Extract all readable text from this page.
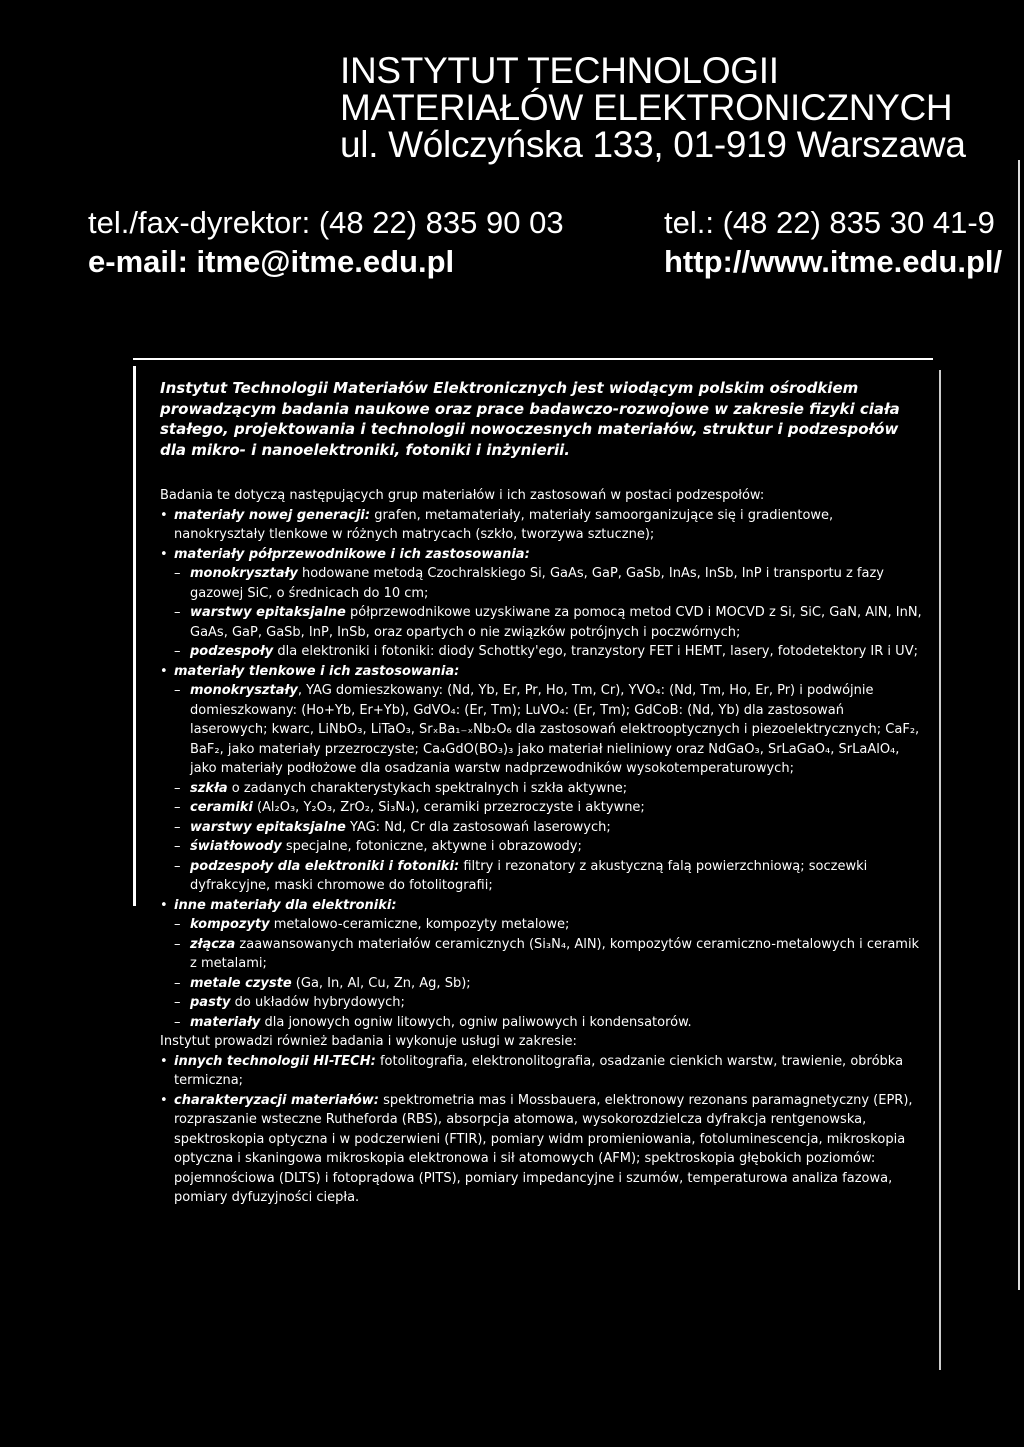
INSTYTUT TECHNOLOGII
MATERIAŁÓW ELEKTRONICZNYCH
ul. Wólczyńska 133, 01-919 Warszawa
tel./fax-dyrektor: (48 22) 835 90 03
e-mail: itme@itme.edu.pl
tel.: (48 22) 835 30 41-9
http://www.itme.edu.pl/
Instytut Technologii Materiałów Elektronicznych jest wiodącym polskim ośrodkiem prowadzącym badania naukowe oraz prace badawczo-rozwojowe w zakresie fizyki ciała stałego, projektowania i technologii nowoczesnych materiałów, struktur i podzespołów dla mikro- i nanoelektroniki, fotoniki i inżynierii.

Badania te dotyczą następujących grup materiałów i ich zastosowań w postaci podzespołów:

• materiały nowej generacji: grafen, metamateriały, materiały samoorganizujące się i gradientowe, nanokryształy tlenkowe w różnych matrycach (szkło, tworzywa sztuczne);
• materiały półprzewodnikowe i ich zastosowania:
– monokryształy hodowane metodą Czochralskiego Si, GaAs, GaP, GaSb, InAs, InSb, InP i transportu z fazy gazowej SiC, o średnicach do 10 cm;
– warstwy epitaksjalne półprzewodnikowe uzyskiwane za pomocą metod CVD i MOCVD z Si, SiC, GaN, AlN, InN, GaAs, GaP, GaSb, InP, InSb, oraz opartych o nie związków potrójnych i poczwórnych;
– podzespoły dla elektroniki i fotoniki: diody Schottky'ego, tranzystory FET i HEMT, lasery, fotodetektory IR i UV;
• materiały tlenkowe i ich zastosowania:
– monokryształy, YAG domieszkowany: (Nd, Yb, Er, Pr, Ho, Tm, Cr), YVO₄: (Nd, Tm, Ho, Er, Pr) i podwójnie domieszkowany: (Ho+Yb, Er+Yb), GdVO₄: (Er, Tm); LuVO₄: (Er, Tm); GdCoB: (Nd, Yb) dla zastosowań laserowych; kwarc, LiNbO₃, LiTaO₃, SrₓBa₁₋ₓNb₂O₆ dla zastosowań elektrooptycznych i piezoelektrycznych; CaF₂, BaF₂, jako materiały przezroczyste; Ca₄GdO(BO₃)₃ jako materiał nieliniowy oraz NdGaO₃, SrLaGaO₄, SrLaAlO₄, jako materiały podłożowe dla osadzania warstw nadprzewodników wysokotemperaturowych;
– szkła o zadanych charakterystykach spektralnych i szkła aktywne;
– ceramiki (Al₂O₃, Y₂O₃, ZrO₂, Si₃N₄), ceramiki przezroczyste i aktywne;
– warstwy epitaksjalne YAG: Nd, Cr dla zastosowań laserowych;
– światłowody specjalne, fotoniczne, aktywne i obrazowody;
– podzespoły dla elektroniki i fotoniki: filtry i rezonatory z akustyczną falą powierzchniową; soczewki dyfrakcyjne, maski chromowe do fotolitografii;
• inne materiały dla elektroniki:
– kompozyty metalowo-ceramiczne, kompozyty metalowe;
– złącza zaawansowanych materiałów ceramicznych (Si₃N₄, AlN), kompozytów ceramiczno-metalowych i ceramik z metalami;
– metale czyste (Ga, In, Al, Cu, Zn, Ag, Sb);
– pasty do układów hybrydowych;
– materiały dla jonowych ogniw litowych, ogniw paliwowych i kondensatorów.

Instytut prowadzi również badania i wykonuje usługi w zakresie:

• innych technologii HI-TECH: fotolitografia, elektronolitografia, osadzanie cienkich warstw, trawienie, obróbka termiczna;
• charakteryzacji materiałów: spektrometria mas i Mossbauera, elektronowy rezonans paramagnetyczny (EPR), rozpraszanie wsteczne Rutheforda (RBS), absorpcja atomowa, wysokorozdzielcza dyfrakcja rentgenowska, spektroskopia optyczna i w podczerwieni (FTIR), pomiary widm promieniowania, fotoluminescencja, mikroskopia optyczna i skaningowa mikroskopia elektronowa i sił atomowych (AFM); spektroskopia głębokich poziomów: pojemnościowa (DLTS) i fotoprądowa (PITS), pomiary impedancyjne i szumów, temperaturowa analiza fazowa, pomiary dyfuzyjności ciepła.
